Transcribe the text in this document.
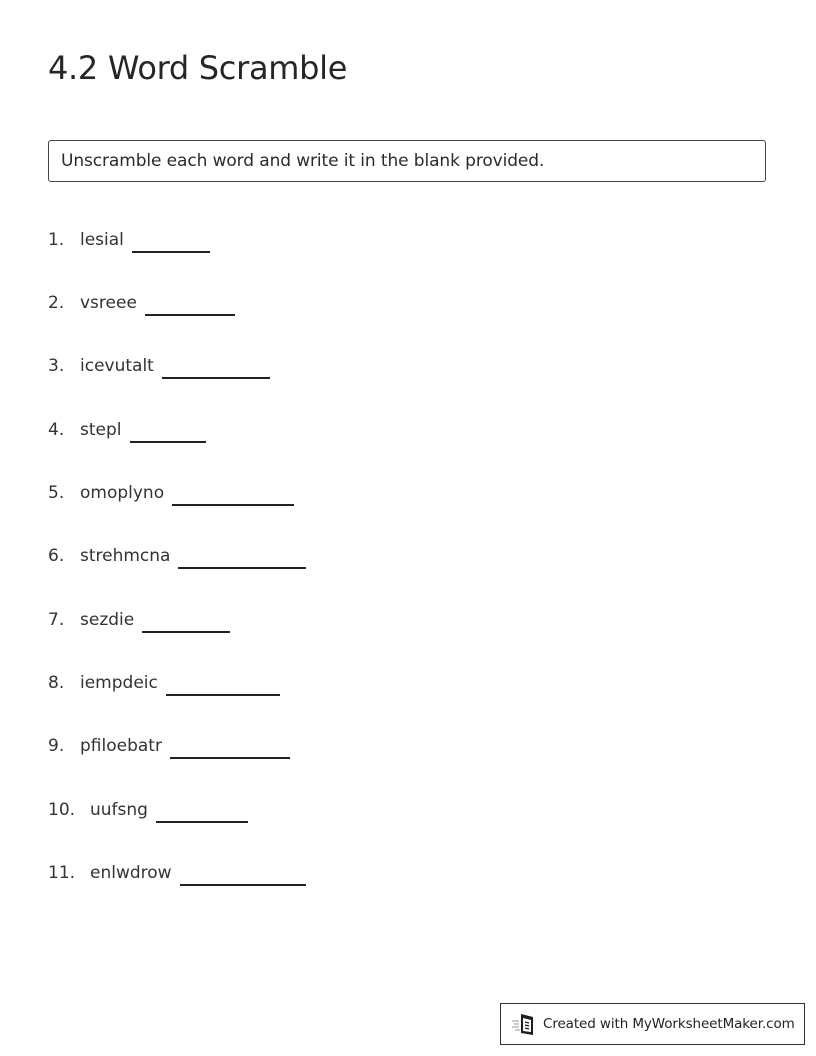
4.2 Word Scramble
Unscramble each word and write it in the blank provided.
1. lesial
2. vsreee
3. icevutalt
4. stepl
5. omoplyno
6. strehmcna
7. sezdie
8. iempdeic
9. pfiloebatr
10. uufsng
11. enlwdrow
Created with MyWorksheetMaker.com
